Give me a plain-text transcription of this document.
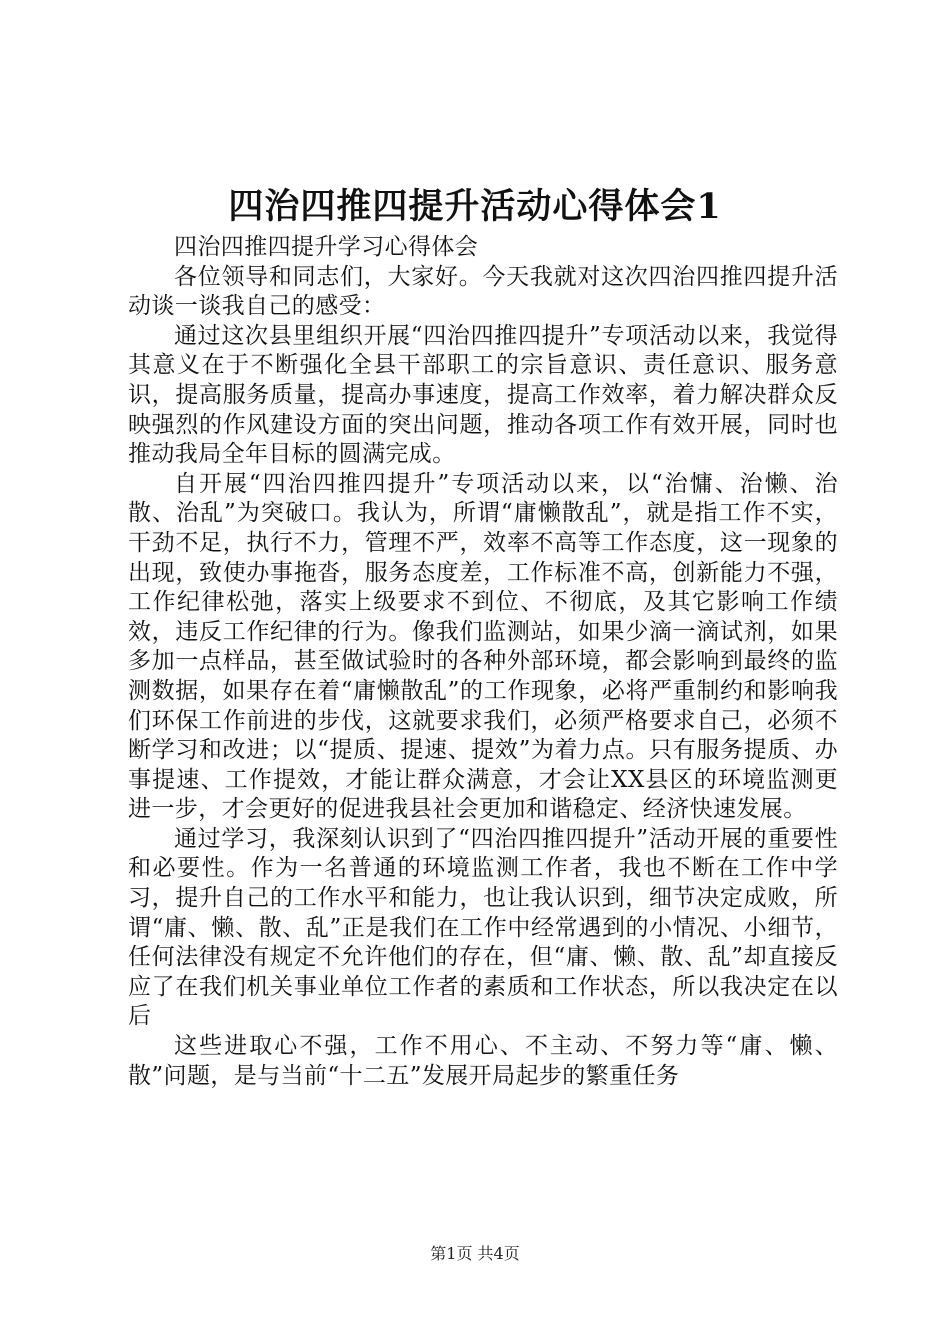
四治四推四提升活动心得体会1

四治四推四提升学习心得体会

各位领导和同志们，大家好。今天我就对这次四治四推四提升活动谈一谈我自己的感受：

通过这次县里组织开展“四治四推四提升”专项活动以来，我觉得其意义在于不断强化全县干部职工的宗旨意识、责任意识、服务意识，提高服务质量，提高办事速度，提高工作效率，着力解决群众反映强烈的作风建设方面的突出问题，推动各项工作有效开展，同时也推动我局全年目标的圆满完成。

自开展“四治四推四提升”专项活动以来，以“治慵、治懒、治散、治乱”为突破口。我认为，所谓“庸懒散乱”，就是指工作不实，干劲不足，执行不力，管理不严，效率不高等工作态度，这一现象的出现，致使办事拖沓，服务态度差，工作标准不高，创新能力不强，工作纪律松弛，落实上级要求不到位、不彻底，及其它影响工作绩效，违反工作纪律的行为。像我们监测站，如果少滴一滴试剂，如果多加一点样品，甚至做试验时的各种外部环境，都会影响到最终的监测数据，如果存在着“庸懒散乱”的工作现象，必将严重制约和影响我们环保工作前进的步伐，这就要求我们，必须严格要求自己，必须不断学习和改进；以“提质、提速、提效”为着力点。只有服务提质、办事提速、工作提效，才能让群众满意，才会让XX县区的环境监测更进一步，才会更好的促进我县社会更加和谐稳定、经济快速发展。

通过学习，我深刻认识到了“四治四推四提升”活动开展的重要性和必要性。作为一名普通的环境监测工作者，我也不断在工作中学习，提升自己的工作水平和能力，也让我认识到，细节决定成败，所谓“庸、懒、散、乱”正是我们在工作中经常遇到的小情况、小细节，任何法律没有规定不允许他们的存在，但“庸、懒、散、乱”却直接反应了在我们机关事业单位工作者的素质和工作状态，所以我决定在以后

这些进取心不强，工作不用心、不主动、不努力等“庸、懒、散”问题，是与当前“十二五”发展开局起步的繁重任务

第1页 共4页
